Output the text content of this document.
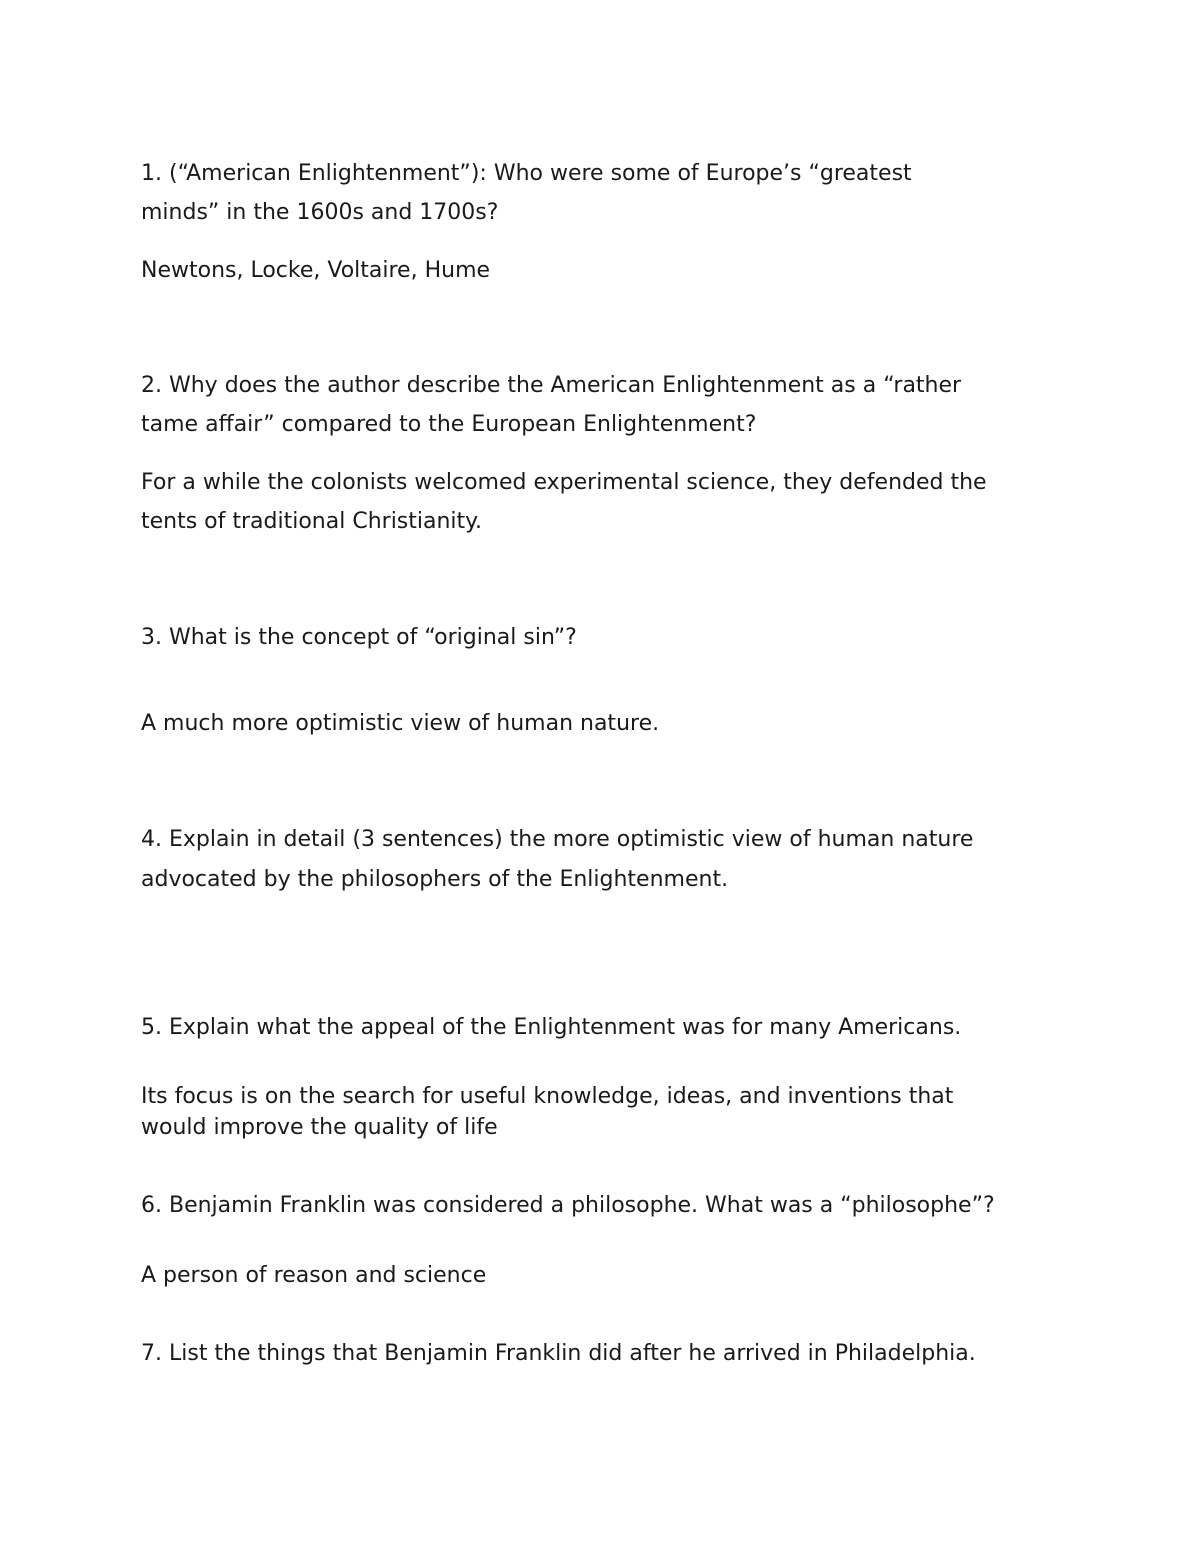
1. (“American Enlightenment”): Who were some of Europe’s “greatest

minds” in the 1600s and 1700s?

Newtons, Locke, Voltaire, Hume

2. Why does the author describe the American Enlightenment as a “rather

tame affair” compared to the European Enlightenment?

For a while the colonists welcomed experimental science, they defended the

tents of traditional Christianity.

3. What is the concept of “original sin”?

A much more optimistic view of human nature.

4. Explain in detail (3 sentences) the more optimistic view of human nature

advocated by the philosophers of the Enlightenment.

5. Explain what the appeal of the Enlightenment was for many Americans.

Its focus is on the search for useful knowledge, ideas, and inventions that

would improve the quality of life

6. Benjamin Franklin was considered a philosophe. What was a “philosophe”?

A person of reason and science

7. List the things that Benjamin Franklin did after he arrived in Philadelphia.
